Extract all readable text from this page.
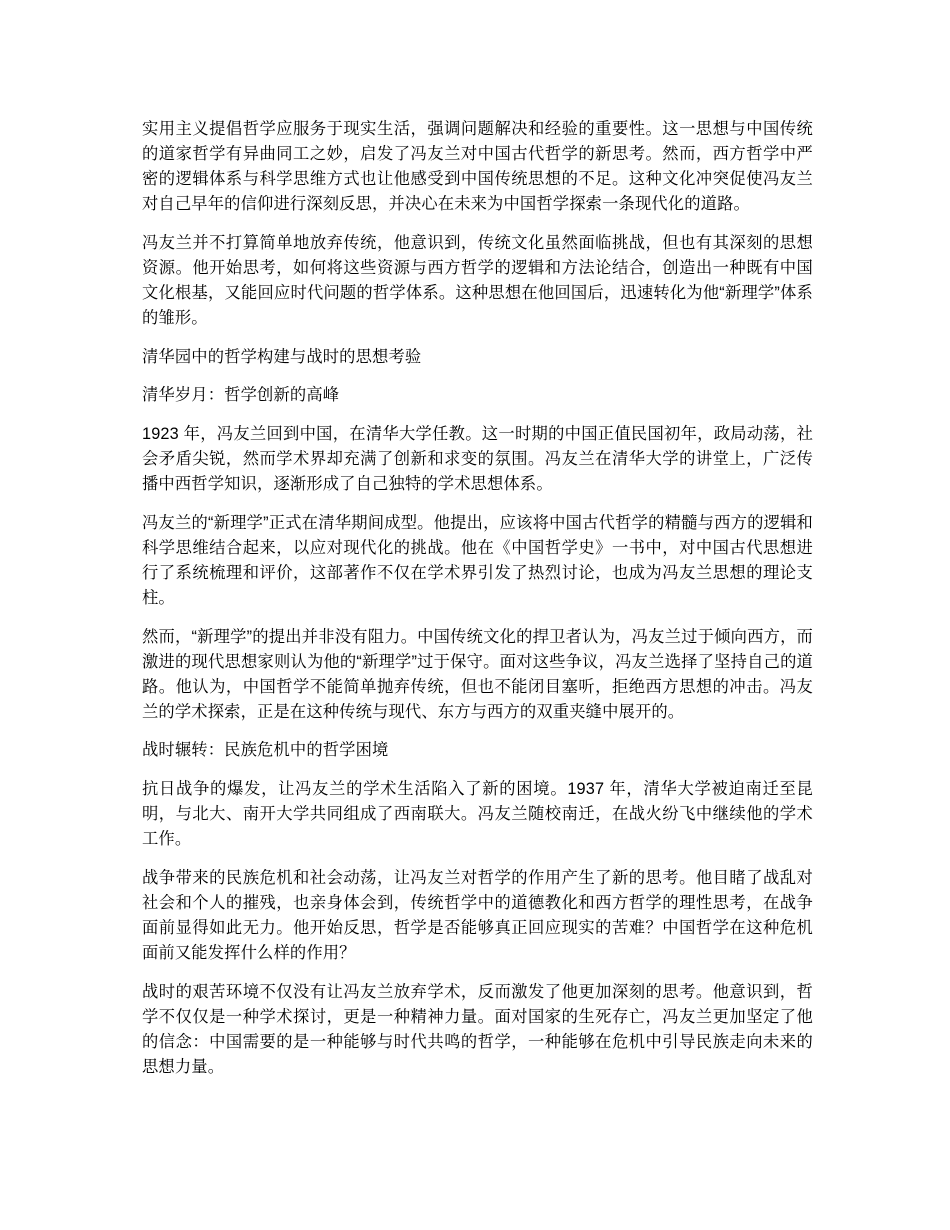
实用主义提倡哲学应服务于现实生活，强调问题解决和经验的重要性。这一思想与中国传统的道家哲学有异曲同工之妙，启发了冯友兰对中国古代哲学的新思考。然而，西方哲学中严密的逻辑体系与科学思维方式也让他感受到中国传统思想的不足。这种文化冲突促使冯友兰对自己早年的信仰进行深刻反思，并决心在未来为中国哲学探索一条现代化的道路。

冯友兰并不打算简单地放弃传统，他意识到，传统文化虽然面临挑战，但也有其深刻的思想资源。他开始思考，如何将这些资源与西方哲学的逻辑和方法论结合，创造出一种既有中国文化根基，又能回应时代问题的哲学体系。这种思想在他回国后，迅速转化为他“新理学”体系的雏形。

清华园中的哲学构建与战时的思想考验

清华岁月：哲学创新的高峰

1923 年，冯友兰回到中国，在清华大学任教。这一时期的中国正值民国初年，政局动荡，社会矛盾尖锐，然而学术界却充满了创新和求变的氛围。冯友兰在清华大学的讲堂上，广泛传播中西哲学知识，逐渐形成了自己独特的学术思想体系。

冯友兰的“新理学”正式在清华期间成型。他提出，应该将中国古代哲学的精髓与西方的逻辑和科学思维结合起来，以应对现代化的挑战。他在《中国哲学史》一书中，对中国古代思想进行了系统梳理和评价，这部著作不仅在学术界引发了热烈讨论，也成为冯友兰思想的理论支柱。

然而，“新理学”的提出并非没有阻力。中国传统文化的捍卫者认为，冯友兰过于倾向西方，而激进的现代思想家则认为他的“新理学”过于保守。面对这些争议，冯友兰选择了坚持自己的道路。他认为，中国哲学不能简单抛弃传统，但也不能闭目塞听，拒绝西方思想的冲击。冯友兰的学术探索，正是在这种传统与现代、东方与西方的双重夹缝中展开的。

战时辗转：民族危机中的哲学困境

抗日战争的爆发，让冯友兰的学术生活陷入了新的困境。1937 年，清华大学被迫南迁至昆明，与北大、南开大学共同组成了西南联大。冯友兰随校南迁，在战火纷飞中继续他的学术工作。

战争带来的民族危机和社会动荡，让冯友兰对哲学的作用产生了新的思考。他目睹了战乱对社会和个人的摧残，也亲身体会到，传统哲学中的道德教化和西方哲学的理性思考，在战争面前显得如此无力。他开始反思，哲学是否能够真正回应现实的苦难？中国哲学在这种危机面前又能发挥什么样的作用？

战时的艰苦环境不仅没有让冯友兰放弃学术，反而激发了他更加深刻的思考。他意识到，哲学不仅仅是一种学术探讨，更是一种精神力量。面对国家的生死存亡，冯友兰更加坚定了他的信念：中国需要的是一种能够与时代共鸣的哲学，一种能够在危机中引导民族走向未来的思想力量。
